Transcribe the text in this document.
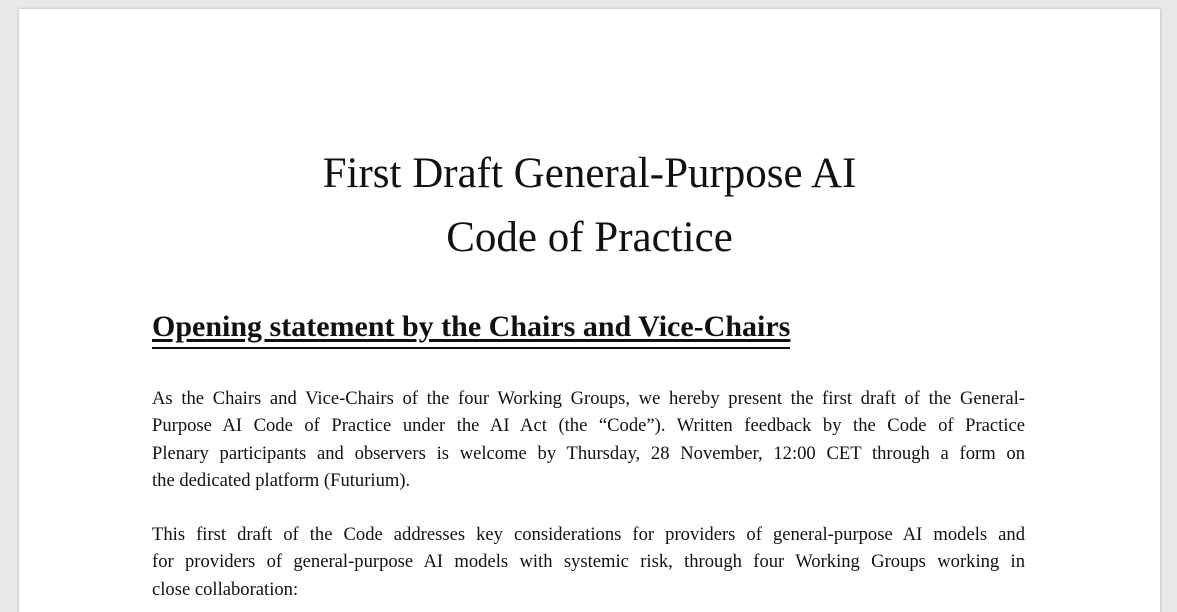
First Draft General-Purpose AI
Code of Practice
Opening statement by the Chairs and Vice-Chairs

As the Chairs and Vice-Chairs of the four Working Groups, we hereby present the first draft of the General-
Purpose AI Code of Practice under the AI Act (the “Code”). Written feedback by the Code of Practice
Plenary participants and observers is welcome by Thursday, 28 November, 12:00 CET through a form on
the dedicated platform (Futurium).

This first draft of the Code addresses key considerations for providers of general-purpose AI models and
for providers of general-purpose AI models with systemic risk, through four Working Groups working in
close collaboration:
